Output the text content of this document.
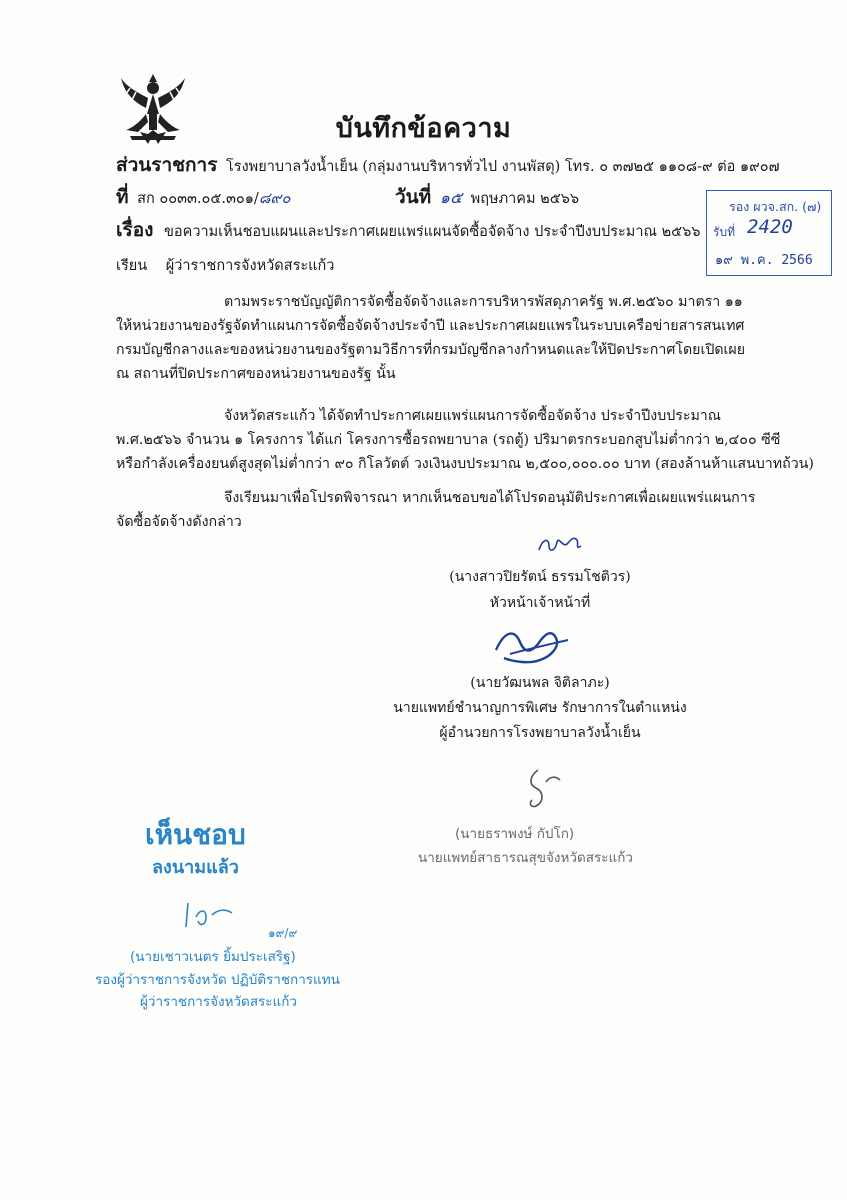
บันทึกข้อความ
ส่วนราชการ โรงพยาบาลวังน้ำเย็น (กลุ่มงานบริหารทั่วไป งานพัสดุ) โทร. ๐ ๓๗๒๕ ๑๑๐๘-๙ ต่อ ๑๙๐๗
ที่ สก ๐๐๓๓.๐๕.๓๐๑/๘๙๐	วันที่ ๑๕ พฤษภาคม ๒๕๖๖
เรื่อง ขอความเห็นชอบแผนและประกาศเผยแพร่แผนจัดซื้อจัดจ้าง ประจำปีงบประมาณ ๒๕๖๖
เรียน ผู้ว่าราชการจังหวัดสระแก้ว
รอง ผวจ.สก. (๗)
รับที่ 2420
๑๙ พ.ค. 2566
ตามพระราชบัญญัติการจัดซื้อจัดจ้างและการบริหารพัสดุภาครัฐ พ.ศ.๒๕๖๐ มาตรา ๑๑
ให้หน่วยงานของรัฐจัดทำแผนการจัดซื้อจัดจ้างประจำปี และประกาศเผยแพรในระบบเครือข่ายสารสนเทศ
กรมบัญชีกลางและของหน่วยงานของรัฐตามวิธีการที่กรมบัญชีกลางกำหนดและให้ปิดประกาศโดยเปิดเผย
ณ สถานที่ปิดประกาศของหน่วยงานของรัฐ นั้น
จังหวัดสระแก้ว ได้จัดทำประกาศเผยแพร่แผนการจัดซื้อจัดจ้าง ประจำปีงบประมาณ
พ.ศ.๒๕๖๖ จำนวน ๑ โครงการ ได้แก่ โครงการซื้อรถพยาบาล (รถตู้) ปริมาตรกระบอกสูบไม่ต่ำกว่า ๒,๔๐๐ ซีซี
หรือกำลังเครื่องยนต์สูงสุดไม่ต่ำกว่า ๙๐ กิโลวัตต์ วงเงินงบประมาณ ๒,๕๐๐,๐๐๐.๐๐ บาท (สองล้านห้าแสนบาทถ้วน)
จึงเรียนมาเพื่อโปรดพิจารณา หากเห็นชอบขอได้โปรดอนุมัติประกาศเพื่อเผยแพร่แผนการ
จัดซื้อจัดจ้างดังกล่าว
(นางสาวปิยรัตน์ ธรรมโชติวร)
หัวหน้าเจ้าหน้าที่
(นายวัฒนพล จิติลาภะ)
นายแพทย์ชำนาญการพิเศษ รักษาการในตำแหน่ง
ผู้อำนวยการโรงพยาบาลวังน้ำเย็น
(นายธราพงษ์ กัปโก)
นายแพทย์สาธารณสุขจังหวัดสระแก้ว
เห็นชอบ
ลงนามแล้ว
๑๙/๙
(นายเชาวเนตร ยิ้มประเสริฐ)
รองผู้ว่าราชการจังหวัด ปฏิบัติราชการแทน
ผู้ว่าราชการจังหวัดสระแก้ว
